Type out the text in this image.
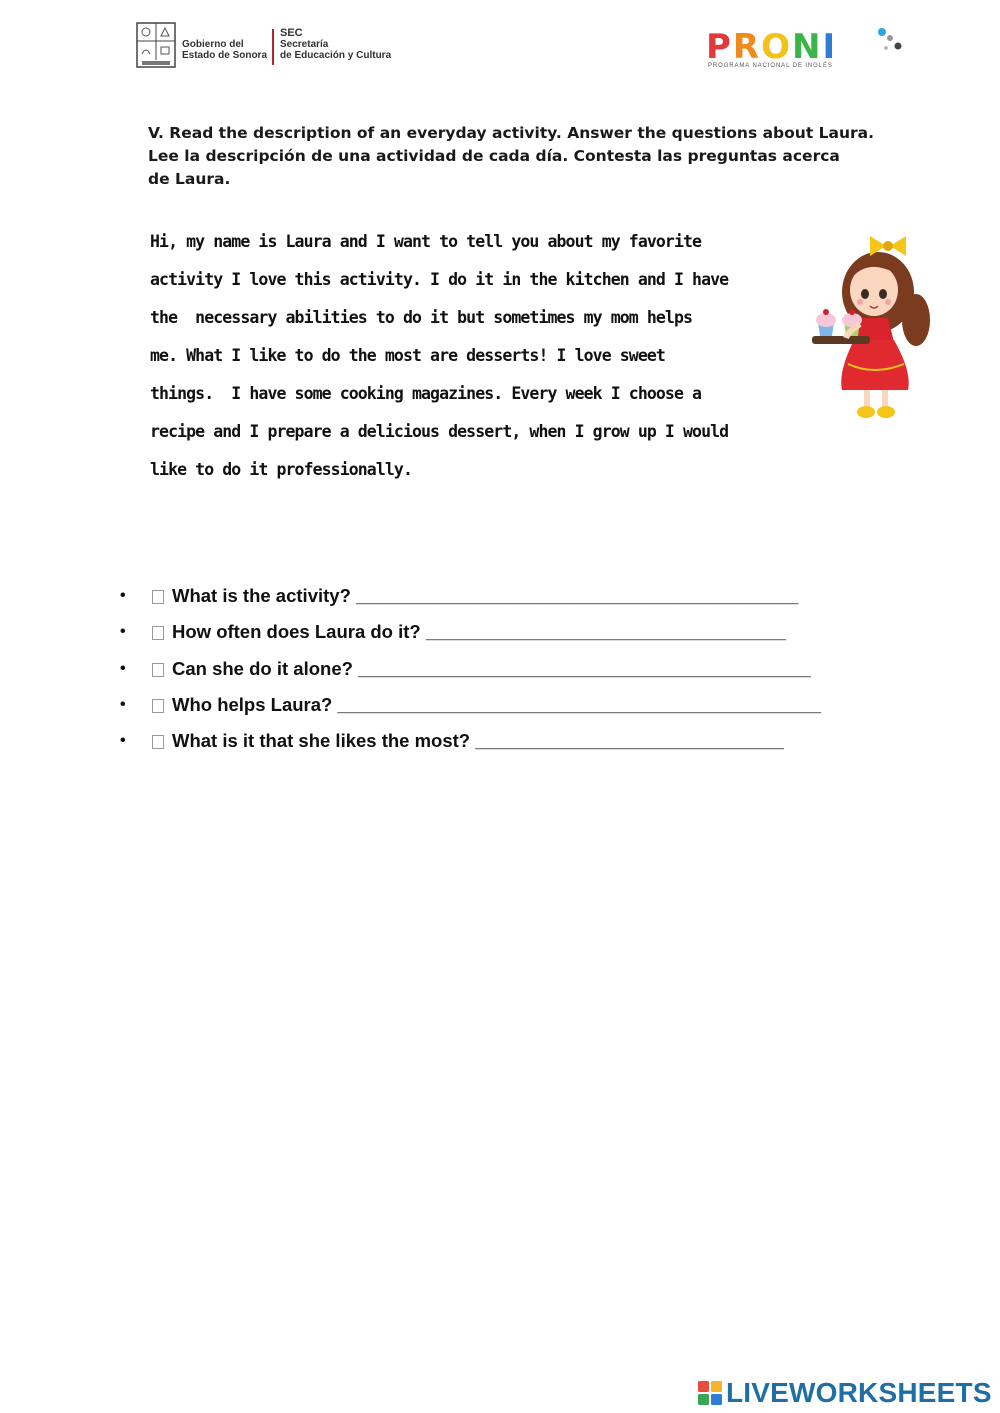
Gobierno del
Estado de Sonora
SEC
Secretaría
de Educación y Cultura	PRONI
PROGRAMA NACIONAL DE INGLÉS
V. Read the description of an everyday activity. Answer the questions about Laura.
Lee la descripción de una actividad de cada día. Contesta las preguntas acerca
de Laura.
Hi, my name is Laura and I want to tell you about my favorite
activity I love this activity. I do it in the kitchen and I have
the  necessary abilities to do it but sometimes my mom helps
me. What I like to do the most are desserts! I love sweet
things.  I have some cooking magazines. Every week I choose a
recipe and I prepare a delicious dessert, when I grow up I would
like to do it professionally.
•	What is the activity? ___________________________________________
•	How often does Laura do it? ___________________________________
•	Can she do it alone? ____________________________________________
•	Who helps Laura? _______________________________________________
•	What is it that she likes the most? ______________________________
LIVEWORKSHEETS
